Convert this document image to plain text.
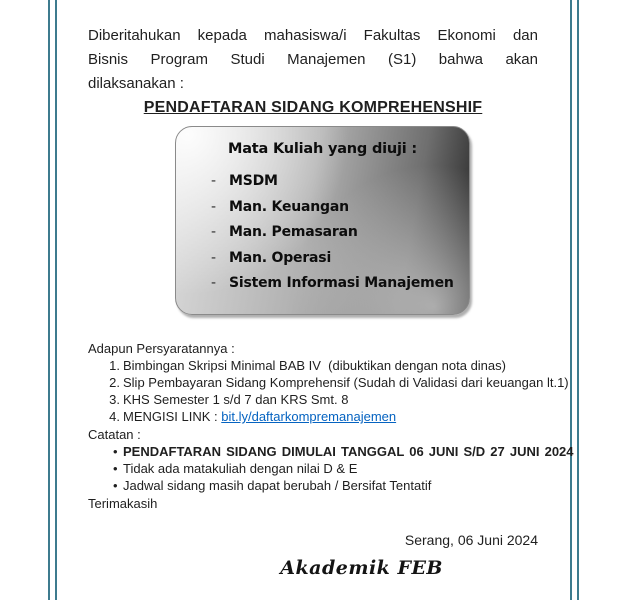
Diberitahukan kepada mahasiswa/i Fakultas Ekonomi dan
Bisnis Program Studi Manajemen (S1) bahwa akan
dilaksanakan :
PENDAFTARAN SIDANG KOMPREHENSHIF
Mata Kuliah yang diuji :
- MSDM
- Man. Keuangan
- Man. Pemasaran
- Man. Operasi
- Sistem Informasi Manajemen
Adapun Persyaratannya :
1. Bimbingan Skripsi Minimal BAB IV  (dibuktikan dengan nota dinas)
2. Slip Pembayaran Sidang Komprehensif (Sudah di Validasi dari keuangan lt.1)
3. KHS Semester 1 s/d 7 dan KRS Smt. 8
4. MENGISI LINK : bit.ly/daftarkompremanajemen
Catatan :
• PENDAFTARAN SIDANG DIMULAI TANGGAL 06 JUNI S/D 27 JUNI 2024
• Tidak ada matakuliah dengan nilai D & E
• Jadwal sidang masih dapat berubah / Bersifat Tentatif
Terimakasih
Serang, 06 Juni 2024
Akademik FEB
